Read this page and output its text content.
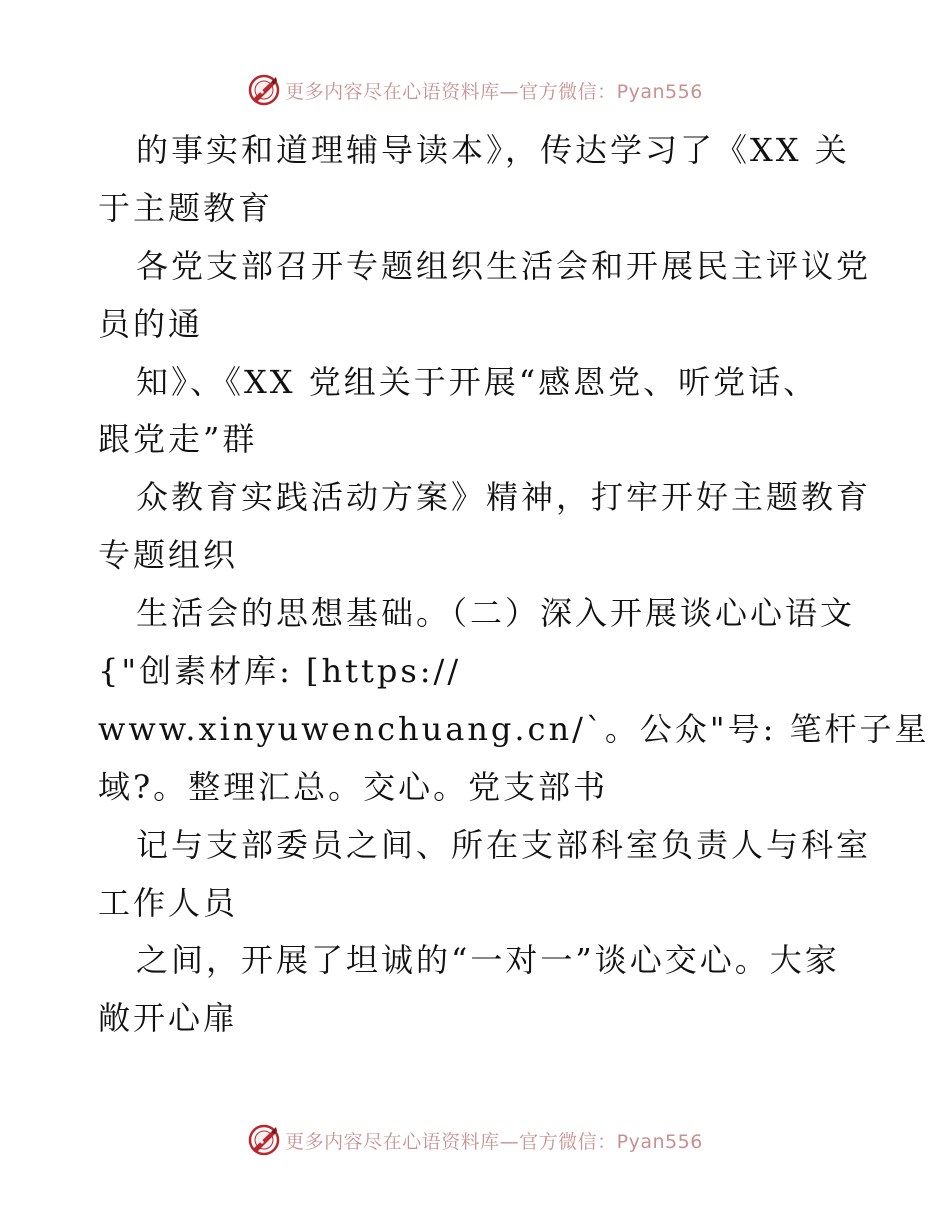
更多内容尽在心语资料库—官方微信：Pyan556
的事实和道理辅导读本》，传达学习了《XX 关
于主题教育
各党支部召开专题组织生活会和开展民主评议党
员的通
知》、《XX 党组关于开展“感恩党、听党话、
跟党走”群
众教育实践活动方案》精神，打牢开好主题教育
专题组织
生活会的思想基础。（二）深入开展谈心心语文
{"创素材库: [https://
www.xinyuwenchuang.cn/`。公众"号: 笔杆子星
域?。整理汇总。交心。党支部书
记与支部委员之间、所在支部科室负责人与科室
工作人员
之间，开展了坦诚的“一对一”谈心交心。大家
敞开心扉
更多内容尽在心语资料库—官方微信：Pyan556
